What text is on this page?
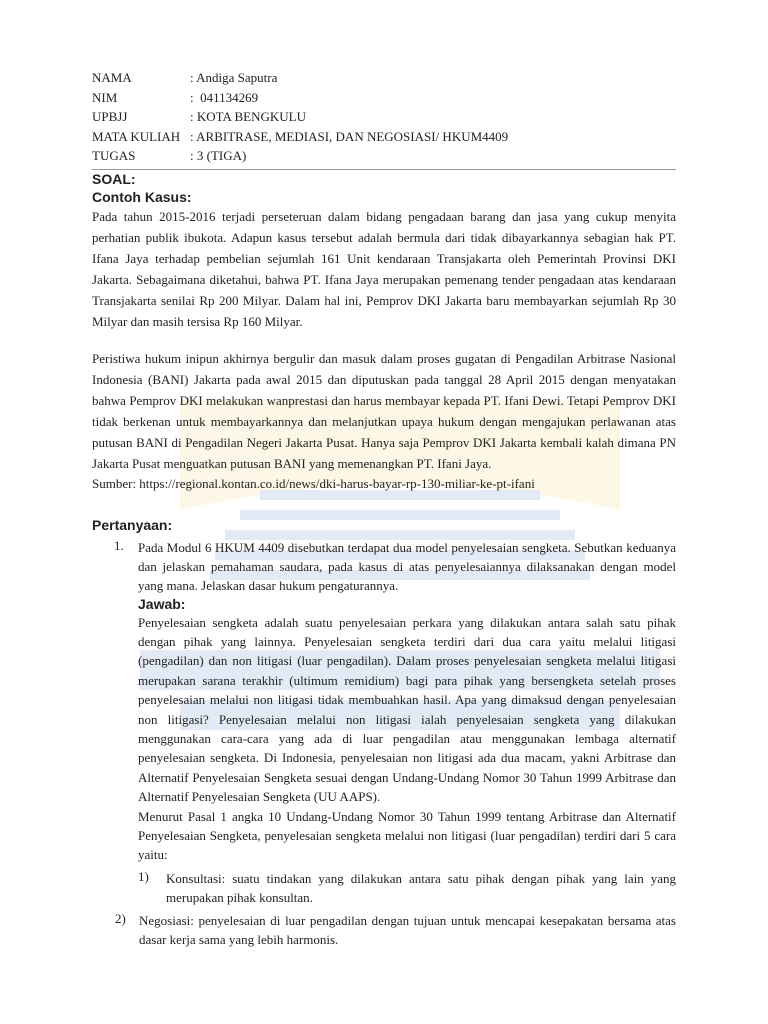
NAMA	: Andiga Saputra
NIM	:  041134269
UPBJJ	: KOTA BENGKULU
MATA KULIAH : ARBITRASE, MEDIASI, DAN NEGOSIASI/ HKUM4409
TUGAS	: 3 (TIGA)
SOAL:
Contoh Kasus:

Pada tahun 2015-2016 terjadi perseteruan dalam bidang pengadaan barang dan jasa yang cukup menyita perhatian publik ibukota. Adapun kasus tersebut adalah bermula dari tidak dibayarkannya sebagian hak PT. Ifana Jaya terhadap pembelian sejumlah 161 Unit kendaraan Transjakarta oleh Pemerintah Provinsi DKI Jakarta. Sebagaimana diketahui, bahwa PT. Ifana Jaya merupakan pemenang tender pengadaan atas kendaraan Transjakarta senilai Rp 200 Milyar. Dalam hal ini, Pemprov DKI Jakarta baru membayarkan sejumlah Rp 30 Milyar dan masih tersisa Rp 160 Milyar.

Peristiwa hukum inipun akhirnya bergulir dan masuk dalam proses gugatan di Pengadilan Arbitrase Nasional Indonesia (BANI) Jakarta pada awal 2015 dan diputuskan pada tanggal 28 April 2015 dengan menyatakan bahwa Pemprov DKI melakukan wanprestasi dan harus membayar kepada PT. Ifani Dewi. Tetapi Pemprov DKI tidak berkenan untuk membayarkannya dan melanjutkan upaya hukum dengan mengajukan perlawanan atas putusan BANI di Pengadilan Negeri Jakarta Pusat. Hanya saja Pemprov DKI Jakarta kembali kalah dimana PN Jakarta Pusat menguatkan putusan BANI yang memenangkan PT. Ifani Jaya.

Sumber: https://regional.kontan.co.id/news/dki-harus-bayar-rp-130-miliar-ke-pt-ifani
Pertanyaan:
1.	Pada Modul 6 HKUM 4409 disebutkan terdapat dua model penyelesaian sengketa. Sebutkan keduanya dan jelaskan pemahaman saudara, pada kasus di atas penyelesaiannya dilaksanakan dengan model yang mana. Jelaskan dasar hukum pengaturannya.
Jawab:

Penyelesaian sengketa adalah suatu penyelesaian perkara yang dilakukan antara salah satu pihak dengan pihak yang lainnya. Penyelesaian sengketa terdiri dari dua cara yaitu melalui litigasi (pengadilan) dan non litigasi (luar pengadilan). Dalam proses penyelesaian sengketa melalui litigasi merupakan sarana terakhir (ultimum remidium) bagi para pihak yang bersengketa setelah proses penyelesaian melalui non litigasi tidak membuahkan hasil. Apa yang dimaksud dengan penyelesaian non litigasi? Penyelesaian melalui non litigasi ialah penyelesaian sengketa yang dilakukan menggunakan cara-cara yang ada di luar pengadilan atau menggunakan lembaga alternatif penyelesaian sengketa. Di Indonesia, penyelesaian non litigasi ada dua macam, yakni Arbitrase dan Alternatif Penyelesaian Sengketa sesuai dengan Undang-Undang Nomor 30 Tahun 1999 Arbitrase dan Alternatif Penyelesaian Sengketa (UU AAPS).

Menurut Pasal 1 angka 10 Undang-Undang Nomor 30 Tahun 1999 tentang Arbitrase dan Alternatif Penyelesaian Sengketa, penyelesaian sengketa melalui non litigasi (luar pengadilan) terdiri dari 5 cara yaitu:

1)	Konsultasi: suatu tindakan yang dilakukan antara satu pihak dengan pihak yang lain yang merupakan pihak konsultan.
2)	Negosiasi: penyelesaian di luar pengadilan dengan tujuan untuk mencapai kesepakatan bersama atas dasar kerja sama yang lebih harmonis.
